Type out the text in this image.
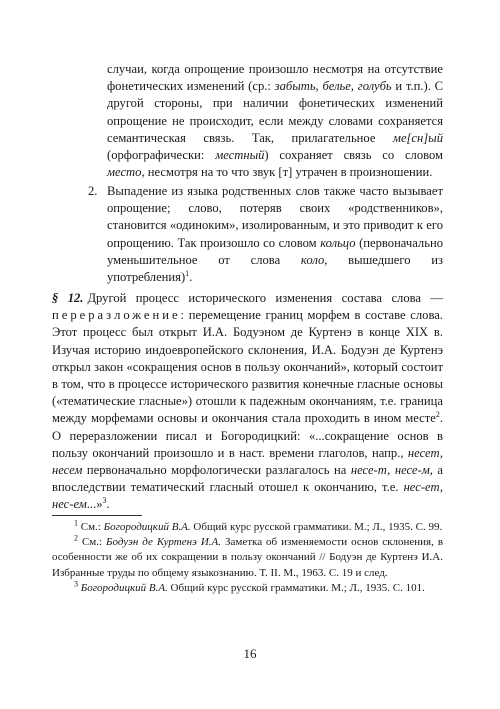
случаи, когда опрощение произошло несмотря на отсутствие фонетических изменений (ср.: забыть, белье, голубь и т.п.). С другой стороны, при наличии фонетических изменений опрощение не происходит, если между словами сохраняется семантическая связь. Так, прилагательное ме[сн]ый (орфографически: местный) сохраняет связь со словом место, несмотря на то что звук [т] утрачен в произношении.

2. Выпадение из языка родственных слов также часто вызывает опрощение; слово, потеряв своих «родственников», становится «одиноким», изолированным, и это приводит к его опрощению. Так произошло со словом кольцо (первоначально уменьшительное от слова коло, вышедшего из употребления)$^1$.

§ 12. Другой процесс исторического изменения состава слова — переразложение: перемещение границ морфем в составе слова. Этот процесс был открыт И.А. Бодуэном де Куртенэ в конце XIX в. Изучая историю индоевропейского склонения, И.А. Бодуэн де Куртенэ открыл закон «сокращения основ в пользу окончаний», который состоит в том, что в процессе исторического развития конечные гласные основы («тематические гласные») отошли к падежным окончаниям, т.е. граница между морфемами основы и окончания стала проходить в ином месте$^2$. О переразложении писал и Богородицкий: «...сокращение основ в пользу окончаний произошло и в наст. времени глаголов, напр., несет, несем первоначально морфологически разлагалось на несе-т, несе-м, а впоследствии тематический гласный отошел к окончанию, т.е. нес-ет, нес-ем...»$^3$.

$^1$ См.: Богородицкий В.А. Общий курс русской грамматики. М.; Л., 1935. С. 99.

$^2$ См.: Бодуэн де Куртенэ И.А. Заметка об изменяемости основ склонения, в особенности же об их сокращении в пользу окончаний // Бодуэн де Куртенэ И.А. Избранные труды по общему языкознанию. Т. II. М., 1963. С. 19 и след.

$^3$ Богородицкий В.А. Общий курс русской грамматики. М.; Л., 1935. С. 101.

16
